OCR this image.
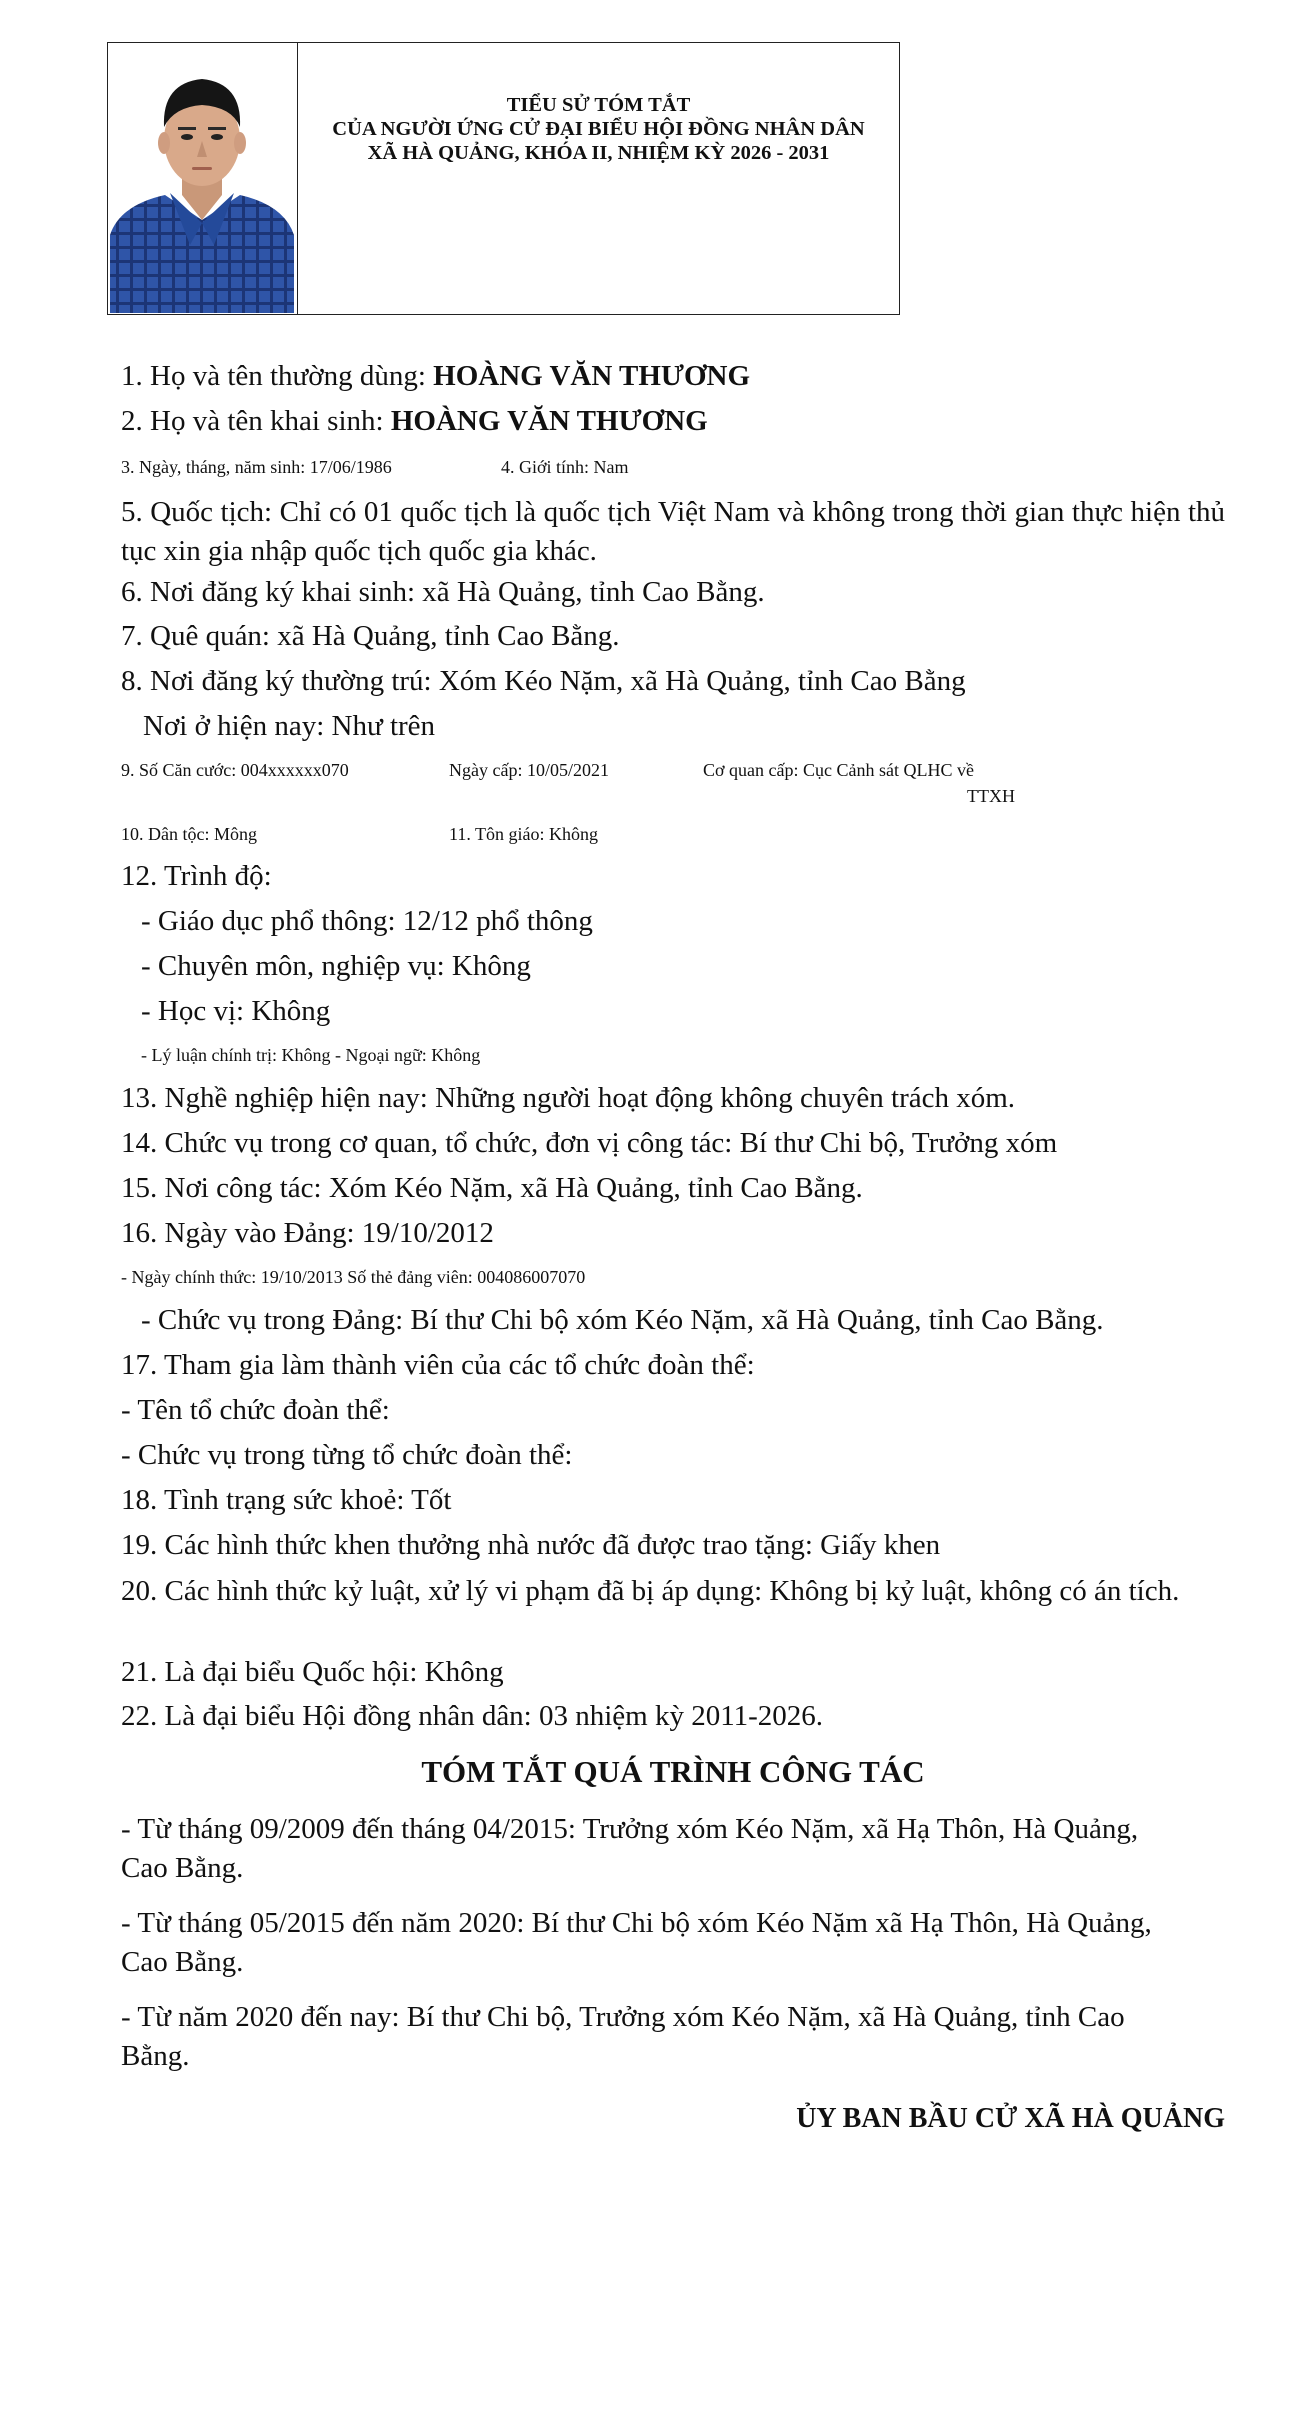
TIỂU SỬ TÓM TẮT
CỦA NGƯỜI ỨNG CỬ ĐẠI BIỂU HỘI ĐỒNG NHÂN DÂN
XÃ HÀ QUẢNG, KHÓA II, NHIỆM KỲ 2026 - 2031
1. Họ và tên thường dùng: HOÀNG VĂN THƯƠNG
2. Họ và tên khai sinh: HOÀNG VĂN THƯƠNG
3. Ngày, tháng, năm sinh: 17/06/1986	4. Giới tính: Nam
5. Quốc tịch: Chỉ có 01 quốc tịch là quốc tịch Việt Nam và không trong thời gian thực hiện thủ tục xin gia nhập quốc tịch quốc gia khác.
6. Nơi đăng ký khai sinh: xã Hà Quảng, tỉnh Cao Bằng.
7. Quê quán: xã Hà Quảng, tỉnh Cao Bằng.
8. Nơi đăng ký thường trú: Xóm Kéo Nặm, xã Hà Quảng, tỉnh Cao Bằng
Nơi ở hiện nay: Như trên
9. Số Căn cước: 004xxxxxx070	Ngày cấp: 10/05/2021	Cơ quan cấp: Cục Cảnh sát QLHC về
TTXH
10. Dân tộc: Mông	11. Tôn giáo: Không
12. Trình độ:
- Giáo dục phổ thông: 12/12 phổ thông
- Chuyên môn, nghiệp vụ: Không
- Học vị: Không
- Lý luận chính trị: Không - Ngoại ngữ: Không
13. Nghề nghiệp hiện nay: Những người hoạt động không chuyên trách xóm.
14. Chức vụ trong cơ quan, tổ chức, đơn vị công tác: Bí thư Chi bộ, Trưởng xóm
15. Nơi công tác: Xóm Kéo Nặm, xã Hà Quảng, tỉnh Cao Bằng.
16. Ngày vào Đảng: 19/10/2012
- Ngày chính thức: 19/10/2013 Số thẻ đảng viên: 004086007070
- Chức vụ trong Đảng: Bí thư Chi bộ xóm Kéo Nặm, xã Hà Quảng, tỉnh Cao Bằng.
17. Tham gia làm thành viên của các tổ chức đoàn thể:
- Tên tổ chức đoàn thể:
- Chức vụ trong từng tổ chức đoàn thể:
18. Tình trạng sức khoẻ: Tốt
19. Các hình thức khen thưởng nhà nước đã được trao tặng: Giấy khen
20. Các hình thức kỷ luật, xử lý vi phạm đã bị áp dụng: Không bị kỷ luật, không có án tích.
21. Là đại biểu Quốc hội: Không
22. Là đại biểu Hội đồng nhân dân: 03 nhiệm kỳ 2011-2026.
TÓM TẮT QUÁ TRÌNH CÔNG TÁC
- Từ tháng 09/2009 đến tháng 04/2015: Trưởng xóm Kéo Nặm, xã Hạ Thôn, Hà Quảng, Cao Bằng.
- Từ tháng 05/2015 đến năm 2020: Bí thư Chi bộ xóm Kéo Nặm xã Hạ Thôn, Hà Quảng, Cao Bằng.
- Từ năm 2020 đến nay: Bí thư Chi bộ, Trưởng xóm Kéo Nặm, xã Hà Quảng, tỉnh Cao Bằng.
ỦY BAN BẦU CỬ XÃ HÀ QUẢNG
